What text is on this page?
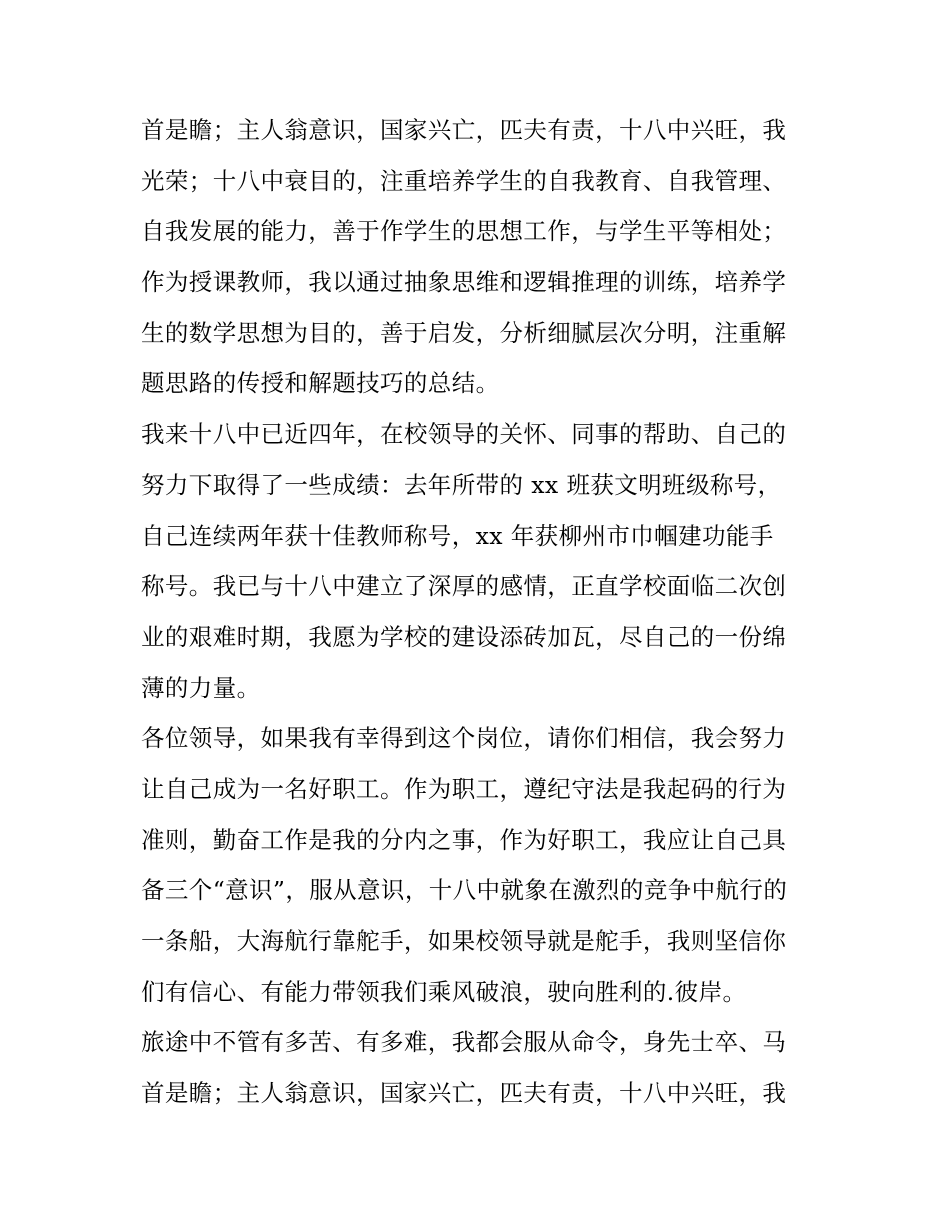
首是瞻；主人翁意识，国家兴亡，匹夫有责，十八中兴旺，我
光荣；十八中衰目的，注重培养学生的自我教育、自我管理、
自我发展的能力，善于作学生的思想工作，与学生平等相处；
作为授课教师，我以通过抽象思维和逻辑推理的训练，培养学
生的数学思想为目的，善于启发，分析细腻层次分明，注重解
题思路的传授和解题技巧的总结。
我来十八中已近四年，在校领导的关怀、同事的帮助、自己的
努力下取得了一些成绩：去年所带的 xx 班获文明班级称号，
自己连续两年获十佳教师称号，xx 年获柳州市巾帼建功能手
称号。我已与十八中建立了深厚的感情，正直学校面临二次创
业的艰难时期，我愿为学校的建设添砖加瓦，尽自己的一份绵
薄的力量。
各位领导，如果我有幸得到这个岗位，请你们相信，我会努力
让自己成为一名好职工。作为职工，遵纪守法是我起码的行为
准则，勤奋工作是我的分内之事，作为好职工，我应让自己具
备三个“意识”，服从意识，十八中就象在激烈的竞争中航行的
一条船，大海航行靠舵手，如果校领导就是舵手，我则坚信你
们有信心、有能力带领我们乘风破浪，驶向胜利的.彼岸。
旅途中不管有多苦、有多难，我都会服从命令，身先士卒、马
首是瞻；主人翁意识，国家兴亡，匹夫有责，十八中兴旺，我
